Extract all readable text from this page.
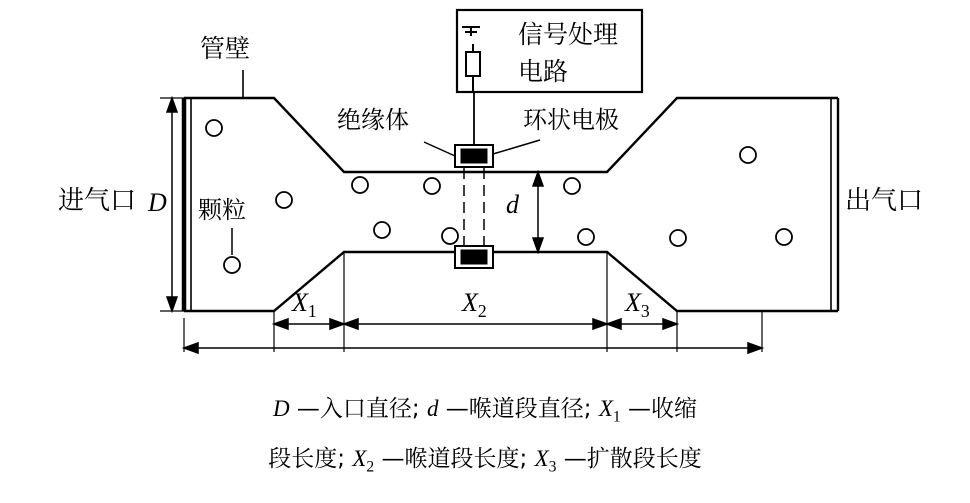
管壁
进气口	出气口
颗粒
绝缘体	环状电极
信号处理
电路
D	d
$X_1$	$X_2$	$X_3$
D —入口直径; d —喉道段直径; $X_1$ —收缩
段长度; $X_2$ —喉道段长度; $X_3$ —扩散段长度
